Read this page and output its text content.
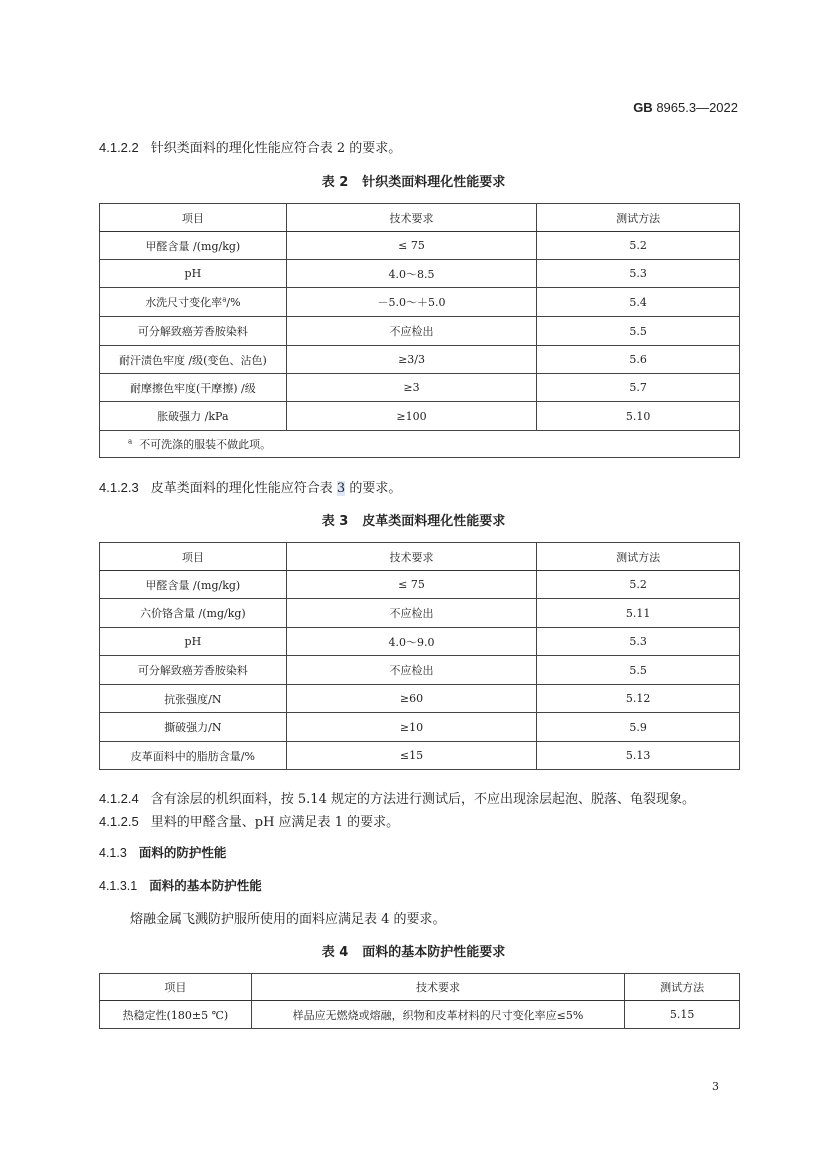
GB 8965.3—2022
4.1.2.2 针织类面料的理化性能应符合表 2 的要求。
表 2 针织类面料理化性能要求
项目	技术要求	测试方法
甲醛含量 /(mg/kg)	≤ 75	5.2
pH	4.0～8.5	5.3
水洗尺寸变化率$^a$/%	－5.0～＋5.0	5.4
可分解致癌芳香胺染料	不应检出	5.5
耐汗渍色牢度 /级(变色、沾色)	≥3/3	5.6
耐摩擦色牢度(干摩擦) /级	≥3	5.7
胀破强力 /kPa	≥100	5.10
$^a$ 不可洗涤的服装不做此项。		
4.1.2.3 皮革类面料的理化性能应符合表 3 的要求。
表 3 皮革类面料理化性能要求
项目	技术要求	测试方法
甲醛含量 /(mg/kg)	≤ 75	5.2
六价铬含量 /(mg/kg)	不应检出	5.11
pH	4.0～9.0	5.3
可分解致癌芳香胺染料	不应检出	5.5
抗张强度/N	≥60	5.12
撕破强力/N	≥10	5.9
皮革面料中的脂肪含量/%	≤15	5.13
4.1.2.4 含有涂层的机织面料，按 5.14 规定的方法进行测试后，不应出现涂层起泡、脱落、龟裂现象。
4.1.2.5 里料的甲醛含量、pH 应满足表 1 的要求。
4.1.3 面料的防护性能
4.1.3.1 面料的基本防护性能
熔融金属飞溅防护服所使用的面料应满足表 4 的要求。
表 4 面料的基本防护性能要求
项目	技术要求	测试方法
热稳定性(180±5 ℃)	样品应无燃烧或熔融，织物和皮革材料的尺寸变化率应≤5%	5.15
3
